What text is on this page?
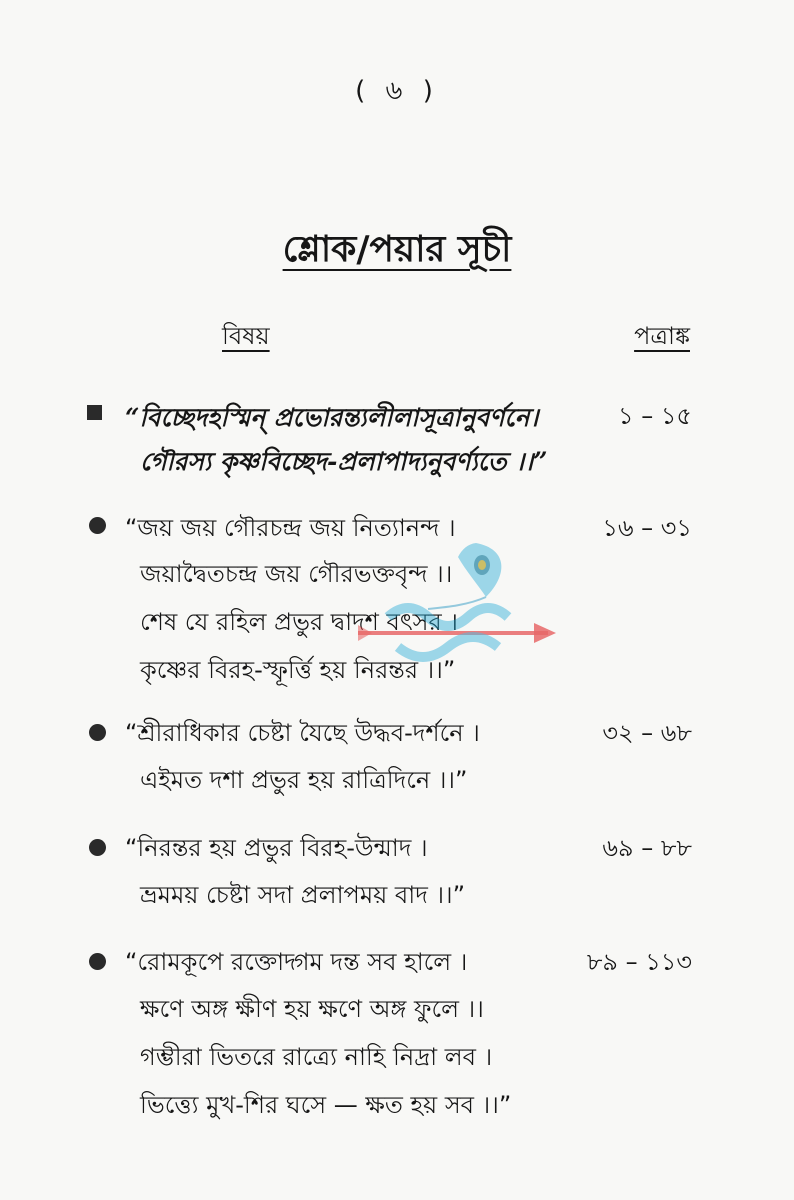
( ৬ )
শ্লোক/পয়ার সূচী
বিষয়	পত্রাঙ্ক
“বিচ্ছেদহস্মিন্ প্রভোরন্ত্যলীলাসূত্রানুবর্ণনে।
গৌরস্য কৃষ্ণবিচ্ছেদ-প্রলাপাদ্যনুবর্ণ্যতে ।।”
১ – ১৫
“জয় জয় গৌরচন্দ্র জয় নিত্যানন্দ ।
জয়াদ্বৈতচন্দ্র জয় গৌরভক্তবৃন্দ ।।
শেষ যে রহিল প্রভুর দ্বাদশ বৎসর ।
কৃষ্ণের বিরহ-স্ফূর্ত্তি হয় নিরন্তর ।।”
১৬ – ৩১
“শ্রীরাধিকার চেষ্টা যৈছে উদ্ধব-দর্শনে ।
এইমত দশা প্রভুর হয় রাত্রিদিনে ।।”
৩২ – ৬৮
“নিরন্তর হয় প্রভুর বিরহ-উন্মাদ ।
ভ্রমময় চেষ্টা সদা প্রলাপময় বাদ ।।”
৬৯ – ৮৮
“রোমকূপে রক্তোদ্গম দন্ত সব হালে ।
ক্ষণে অঙ্গ ক্ষীণ হয় ক্ষণে অঙ্গ ফুলে ।।
গম্ভীরা ভিতরে রাত্র্যে নাহি নিদ্রা লব ।
ভিত্ত্যে মুখ-শির ঘসে — ক্ষত হয় সব ।।”
৮৯ – ১১৩
